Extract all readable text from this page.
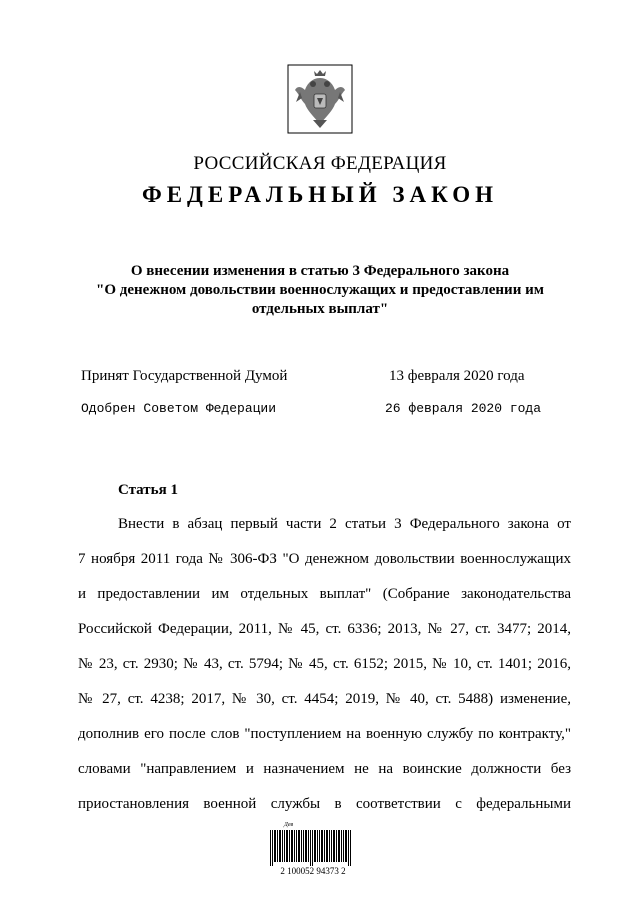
РОССИЙСКАЯ ФЕДЕРАЦИЯ
ФЕДЕРАЛЬНЫЙ ЗАКОН
О внесении изменения в статью 3 Федерального закона
"О денежном довольствии военнослужащих и предоставлении им
отдельных выплат"
Принят Государственной Думой	13 февраля 2020 года
Одобрен Советом Федерации	26 февраля 2020 года
Статья 1
Внести в абзац первый части 2 статьи 3 Федерального закона от
7 ноября 2011 года № 306-ФЗ "О денежном довольствии военнослужащих
и предоставлении им отдельных выплат" (Собрание законодательства
Российской Федерации, 2011, № 45, ст. 6336; 2013, № 27, ст. 3477; 2014,
№ 23, ст. 2930; № 43, ст. 5794; № 45, ст. 6152; 2015, № 10, ст. 1401; 2016,
№ 27, ст. 4238; 2017, № 30, ст. 4454; 2019, № 40, ст. 5488) изменение,
дополнив его после слов "поступлением на военную службу по контракту,"
словами "направлением и назначением не на воинские должности без
приостановления военной службы в соответствии с федеральными
Дев
2 100052 94373 2
